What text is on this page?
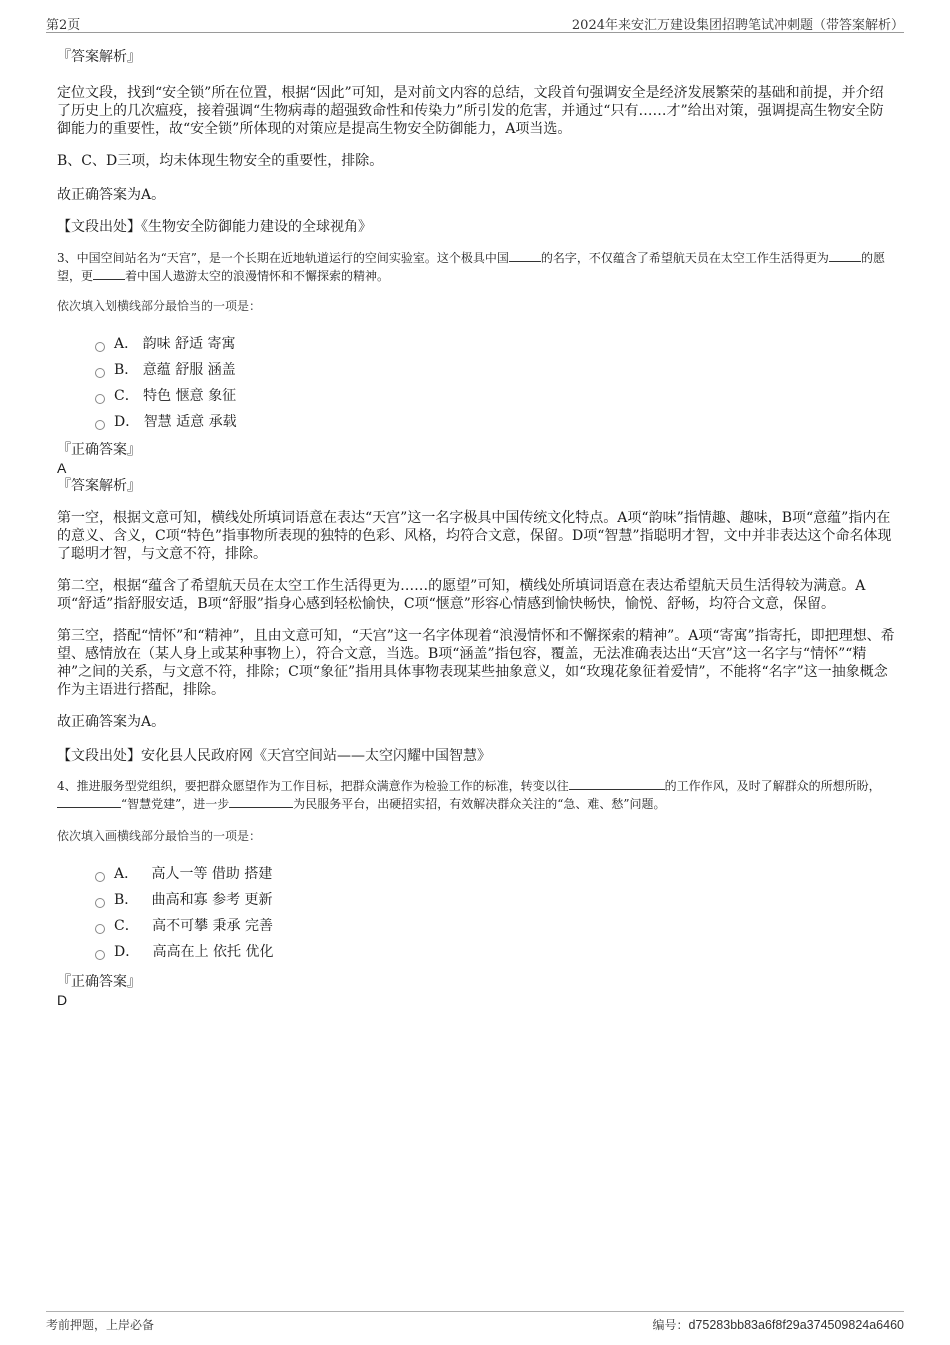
第2页	2024年来安汇万建设集团招聘笔试冲刺题（带答案解析）

『答案解析』

定位文段，找到“安全锁”所在位置，根据“因此”可知，是对前文内容的总结，文段首句强调安全是经济发展繁荣的基础和前提，并介绍了历史上的几次瘟疫，接着强调“生物病毒的超强致命性和传染力”所引发的危害，并通过“只有……才”给出对策，强调提高生物安全防御能力的重要性，故“安全锁”所体现的对策应是提高生物安全防御能力，A项当选。

B、C、D三项，均未体现生物安全的重要性，排除。

故正确答案为A。

【文段出处】《生物安全防御能力建设的全球视角》

3、中国空间站名为“天宫”，是一个长期在近地轨道运行的空间实验室。这个极具中国	的名字，不仅蕴含了希望航天员在太空工作生活得更为	的愿望，更	着中国人遨游太空的浪漫情怀和不懈探索的精神。

依次填入划横线部分最恰当的一项是：

A．
韵味 舒适 寄寓
B．
意蕴 舒服 涵盖
C．
特色 惬意 象征
D．
智慧 适意 承载

『正确答案』

A

『答案解析』

第一空，根据文意可知，横线处所填词语意在表达“天宫”这一名字极具中国传统文化特点。A项“韵味”指情趣、趣味，B项“意蕴”指内在的意义、含义，C项“特色”指事物所表现的独特的色彩、风格，均符合文意，保留。D项“智慧”指聪明才智，文中并非表达这个命名体现了聪明才智，与文意不符，排除。

第二空，根据“蕴含了希望航天员在太空工作生活得更为……的愿望”可知，横线处所填词语意在表达希望航天员生活得较为满意。A项“舒适”指舒服安适，B项“舒服”指身心感到轻松愉快，C项“惬意”形容心情感到愉快畅快，愉悦、舒畅，均符合文意，保留。

第三空，搭配“情怀”和“精神”，且由文意可知，“天宫”这一名字体现着“浪漫情怀和不懈探索的精神”。A项“寄寓”指寄托，即把理想、希望、感情放在（某人身上或某种事物上），符合文意，当选。B项“涵盖”指包容，覆盖，无法准确表达出“天宫”这一名字与“情怀”“精神”之间的关系，与文意不符，排除；C项“象征”指用具体事物表现某些抽象意义，如“玫瑰花象征着爱情”，不能将“名字”这一抽象概念作为主语进行搭配，排除。

故正确答案为A。

【文段出处】安化县人民政府网《天宫空间站——太空闪耀中国智慧》

4、推进服务型党组织，要把群众愿望作为工作目标，把群众满意作为检验工作的标准，转变以往	的工作作风，及时了解群众的所想所盼，“智慧党建”，进一步	为民服务平台，出硬招实招，有效解决群众关注的“急、难、愁”问题。

依次填入画横线部分最恰当的一项是：

A．
高人一等 借助 搭建
B．
曲高和寡 参考 更新
C．
高不可攀 秉承 完善
D．
高高在上 依托 优化

『正确答案』

D

考前押题，上岸必备	编号：d75283bb83a6f8f29a374509824a6460
